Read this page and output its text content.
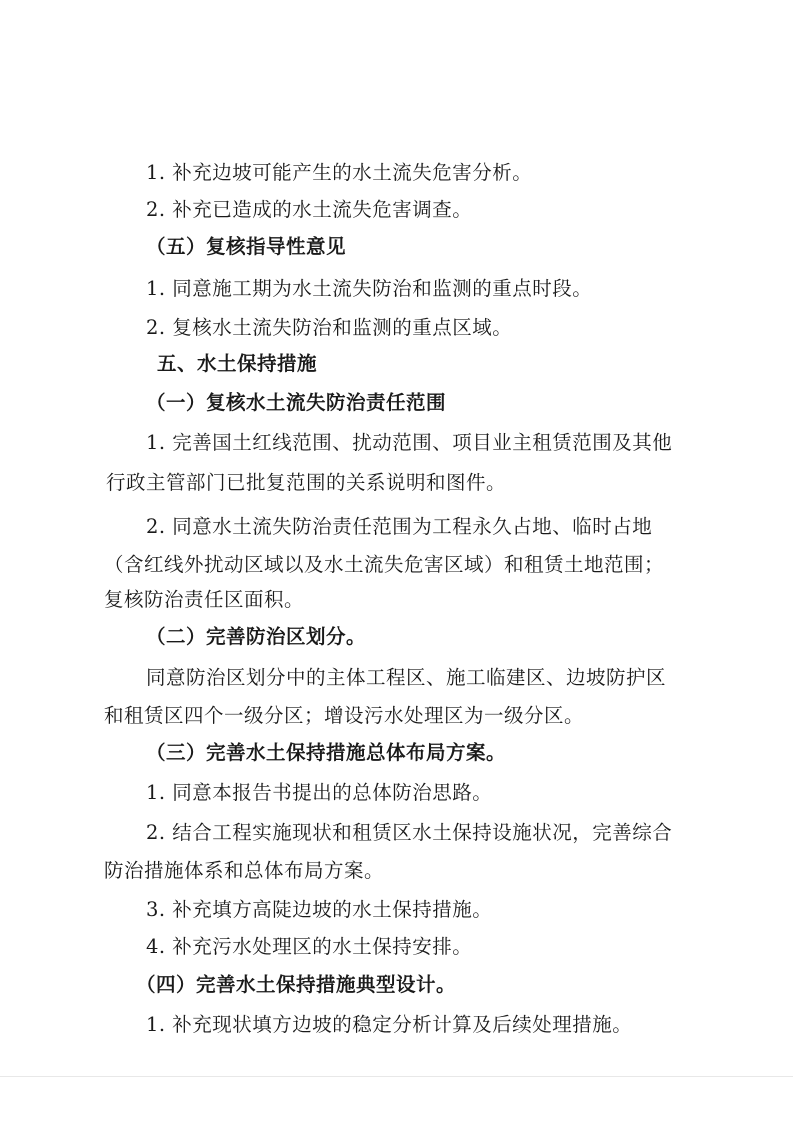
1. 补充边坡可能产生的水土流失危害分析。

2. 补充已造成的水土流失危害调查。

（五）复核指导性意见

1. 同意施工期为水土流失防治和监测的重点时段。

2. 复核水土流失防治和监测的重点区域。

五、水土保持措施

（一）复核水土流失防治责任范围

1. 完善国土红线范围、扰动范围、项目业主租赁范围及其他

行政主管部门已批复范围的关系说明和图件。

2. 同意水土流失防治责任范围为工程永久占地、临时占地

（含红线外扰动区域以及水土流失危害区域）和租赁土地范围；

复核防治责任区面积。

（二）完善防治区划分。

同意防治区划分中的主体工程区、施工临建区、边坡防护区

和租赁区四个一级分区；增设污水处理区为一级分区。

（三）完善水土保持措施总体布局方案。

1. 同意本报告书提出的总体防治思路。

2. 结合工程实施现状和租赁区水土保持设施状况，完善综合

防治措施体系和总体布局方案。

3. 补充填方高陡边坡的水土保持措施。

4. 补充污水处理区的水土保持安排。

（四）完善水土保持措施典型设计。

1. 补充现状填方边坡的稳定分析计算及后续处理措施。
